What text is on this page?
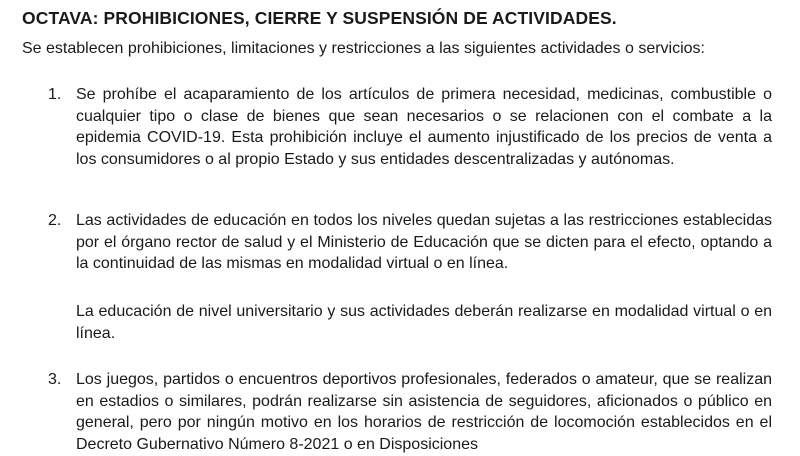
OCTAVA: PROHIBICIONES, CIERRE Y SUSPENSIÓN DE ACTIVIDADES.
Se establecen prohibiciones, limitaciones y restricciones a las siguientes actividades o servicios:
1. Se prohíbe el acaparamiento de los artículos de primera necesidad, medicinas, combustible o cualquier tipo o clase de bienes que sean necesarios o se relacionen con el combate a la epidemia COVID-19. Esta prohibición incluye el aumento injustificado de los precios de venta a los consumidores o al propio Estado y sus entidades descentralizadas y autónomas.
2. Las actividades de educación en todos los niveles quedan sujetas a las restricciones establecidas por el órgano rector de salud y el Ministerio de Educación que se dicten para el efecto, optando a la continuidad de las mismas en modalidad virtual o en línea.
La educación de nivel universitario y sus actividades deberán realizarse en modalidad virtual o en línea.
3. Los juegos, partidos o encuentros deportivos profesionales, federados o amateur, que se realizan en estadios o similares, podrán realizarse sin asistencia de seguidores, aficionados o público en general, pero por ningún motivo en los horarios de restricción de locomoción establecidos en el Decreto Gubernativo Número 8-2021 o en Disposiciones
